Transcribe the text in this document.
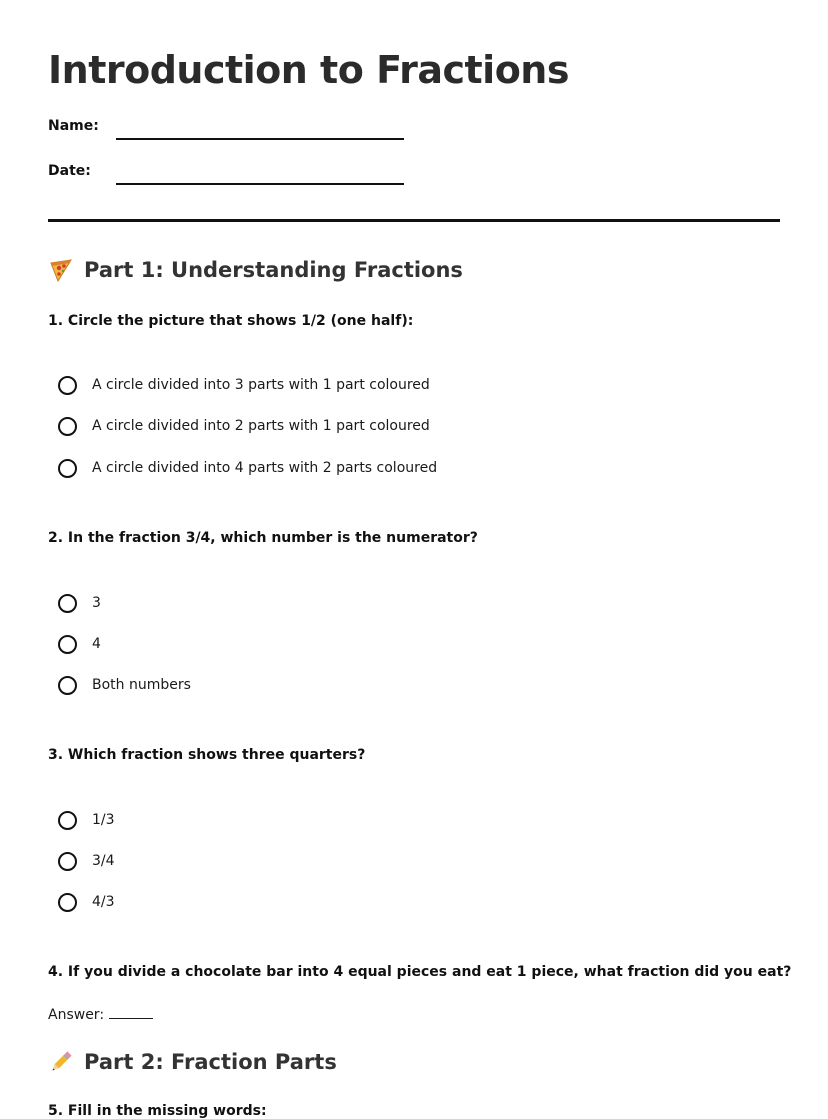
Introduction to Fractions
Name:
Date:
Part 1: Understanding Fractions

1. Circle the picture that shows 1/2 (one half):

A circle divided into 3 parts with 1 part coloured
A circle divided into 2 parts with 1 part coloured
A circle divided into 4 parts with 2 parts coloured

2. In the fraction 3/4, which number is the numerator?

3
4
Both numbers

3. Which fraction shows three quarters?

1/3
3/4
4/3

4. If you divide a chocolate bar into 4 equal pieces and eat 1 piece, what fraction did you eat?

Answer:
Part 2: Fraction Parts

5. Fill in the missing words:
